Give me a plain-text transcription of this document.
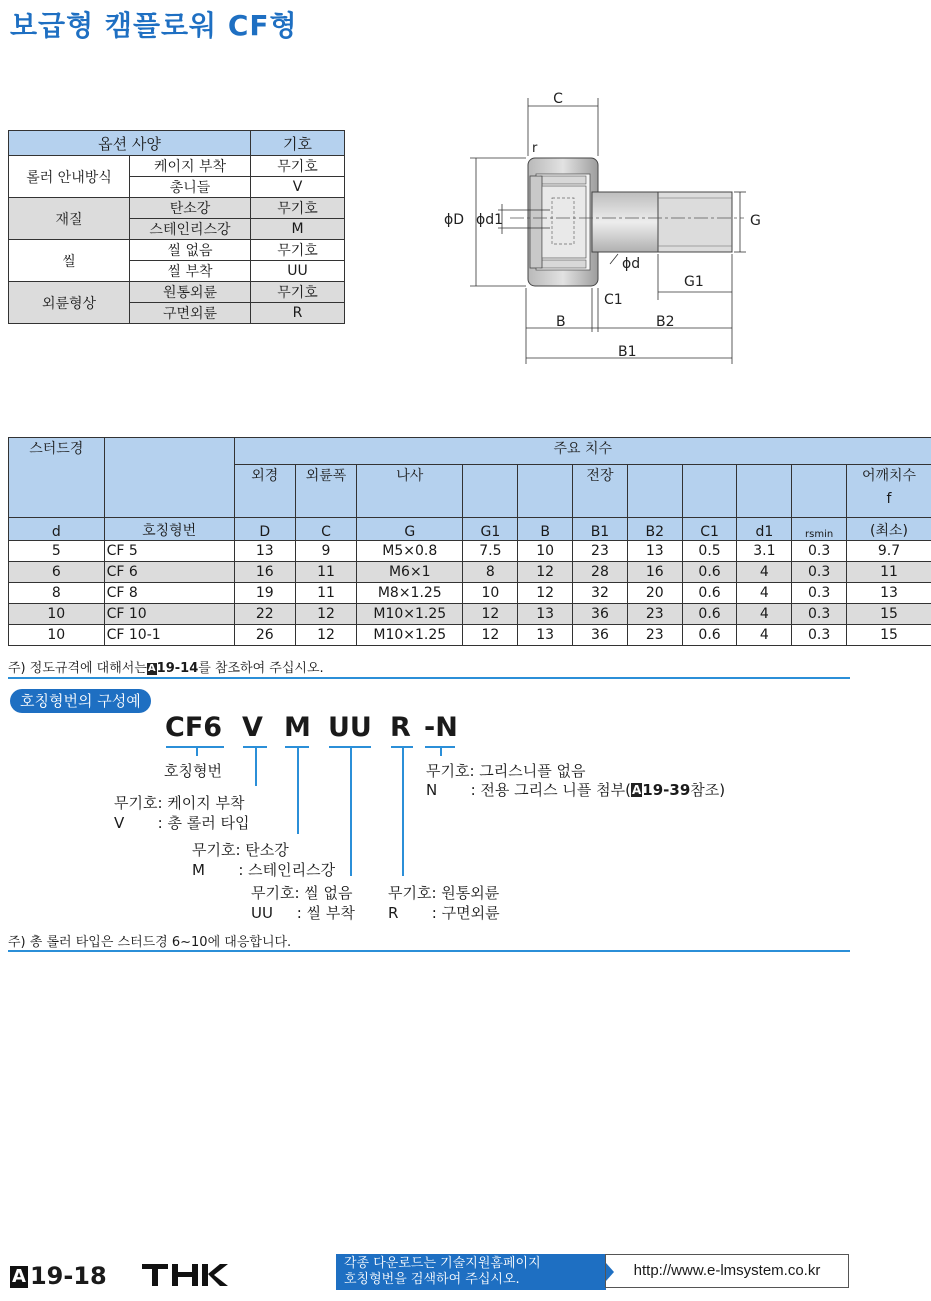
보급형 캠플로워 CF형
C
r
ϕD ϕd1	G
ϕd
G1
C1
B	B2
B1
옵션 사양		기호
롤러 안내방식	케이지 부착	무기호
	총니들	V
재질	탄소강	무기호
	스테인리스강	M
씰	씰 없음	무기호
	씰 부착	UU
외륜형상	원통외륜	무기호
	구면외륜	R
스터드경		주요 치수										
		외경	외륜폭	나사			전장					어깨치수
f

d	호칭형번	D	C	G	G1	B	B1	B2	C1	d1	rsmin	(최소)
5	CF 5	13	9	M5×0.8	7.5	10	23	13	0.5	3.1	0.3	9.7
6	CF 6	16	11	M6×1	8	12	28	16	0.6	4	0.3	11
8	CF 8	19	11	M8×1.25	10	12	32	20	0.6	4	0.3	13
10	CF 10	22	12	M10×1.25	12	13	36	23	0.6	4	0.3	15
10	CF 10-1	26	12	M10×1.25	12	13	36	23	0.6	4	0.3	15
주) 정도규격에 대해서는A19-14를 참조하여 주십시오.
호칭형번의 구성예
CF6 V M UU R -N
호칭형번
무기호: 케이지 부착
V       : 총 롤러 타입
무기호: 탄소강
M       : 스테인리스강
무기호: 씰 없음
UU     : 씰 부착
무기호: 원통외륜
R       : 구면외륜
무기호: 그리스니플 없음
N       : 전용 그리스 니플 첨부(A19-39참조)
주) 총 롤러 타입은 스터드경 6~10에 대응합니다.
A 19-18	THK	각종 다운로드는 기술지원홈페이지
호칭형번을 검색하여 주십시오.
http://www.e-lmsystem.co.kr
